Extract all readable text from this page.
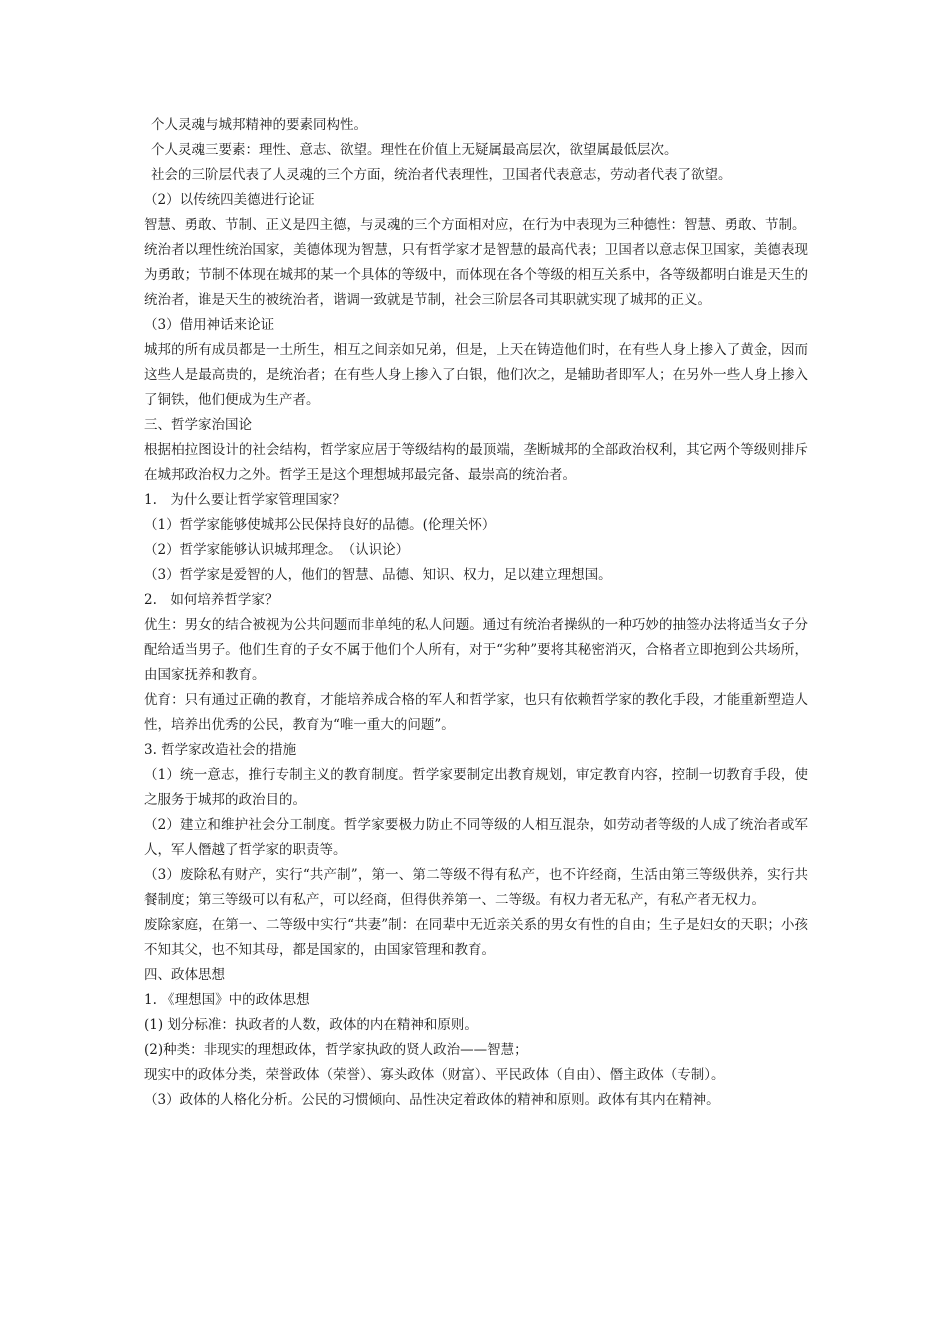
个人灵魂与城邦精神的要素同构性。

个人灵魂三要素：理性、意志、欲望。理性在价值上无疑属最高层次，欲望属最低层次。

社会的三阶层代表了人灵魂的三个方面，统治者代表理性，卫国者代表意志，劳动者代表了欲望。

（2）以传统四美德进行论证

智慧、勇敢、节制、正义是四主德，与灵魂的三个方面相对应，在行为中表现为三种德性：智慧、勇敢、节制。

统治者以理性统治国家，美德体现为智慧，只有哲学家才是智慧的最高代表；卫国者以意志保卫国家，美德表现为勇敢；节制不体现在城邦的某一个具体的等级中，而体现在各个等级的相互关系中，各等级都明白谁是天生的统治者，谁是天生的被统治者，谐调一致就是节制，社会三阶层各司其职就实现了城邦的正义。

（3）借用神话来论证

城邦的所有成员都是一土所生，相互之间亲如兄弟，但是，上天在铸造他们时，在有些人身上掺入了黄金，因而这些人是最高贵的，是统治者；在有些人身上掺入了白银，他们次之，是辅助者即军人；在另外一些人身上掺入了铜铁，他们便成为生产者。

三、哲学家治国论

根据柏拉图设计的社会结构，哲学家应居于等级结构的最顶端，垄断城邦的全部政治权利，其它两个等级则排斥在城邦政治权力之外。哲学王是这个理想城邦最完备、最崇高的统治者。

1.　为什么要让哲学家管理国家？

（1）哲学家能够使城邦公民保持良好的品德。(伦理关怀）

（2）哲学家能够认识城邦理念。　（认识论）

（3）哲学家是爱智的人，他们的智慧、品德、知识、权力，足以建立理想国。

2.　如何培养哲学家？

优生：男女的结合被视为公共问题而非单纯的私人问题。通过有统治者操纵的一种巧妙的抽签办法将适当女子分配给适当男子。他们生育的子女不属于他们个人所有，对于“劣种”要将其秘密消灭，合格者立即抱到公共场所，由国家抚养和教育。

优育：只有通过正确的教育，才能培养成合格的军人和哲学家，也只有依赖哲学家的教化手段，才能重新塑造人性，培养出优秀的公民，教育为“唯一重大的问题”。

3. 哲学家改造社会的措施

（1）统一意志，推行专制主义的教育制度。哲学家要制定出教育规划，审定教育内容，控制一切教育手段，使之服务于城邦的政治目的。

（2）建立和维护社会分工制度。哲学家要极力防止不同等级的人相互混杂，如劳动者等级的人成了统治者或军人，军人僭越了哲学家的职责等。

（3）废除私有财产，实行“共产制”，第一、第二等级不得有私产，也不许经商，生活由第三等级供养，实行共餐制度；第三等级可以有私产，可以经商，但得供养第一、二等级。有权力者无私产，有私产者无权力。

废除家庭，在第一、二等级中实行“共妻”制：在同辈中无近亲关系的男女有性的自由；生子是妇女的天职；小孩不知其父，也不知其母，都是国家的，由国家管理和教育。

四、政体思想

1. 《理想国》中的政体思想

(1) 划分标准：执政者的人数，政体的内在精神和原则。

(2)种类：非现实的理想政体，哲学家执政的贤人政治——智慧；

现实中的政体分类，荣誉政体（荣誉）、寡头政体（财富）、平民政体（自由）、僭主政体（专制）。

（3）政体的人格化分析。公民的习惯倾向、品性决定着政体的精神和原则。政体有其内在精神。
